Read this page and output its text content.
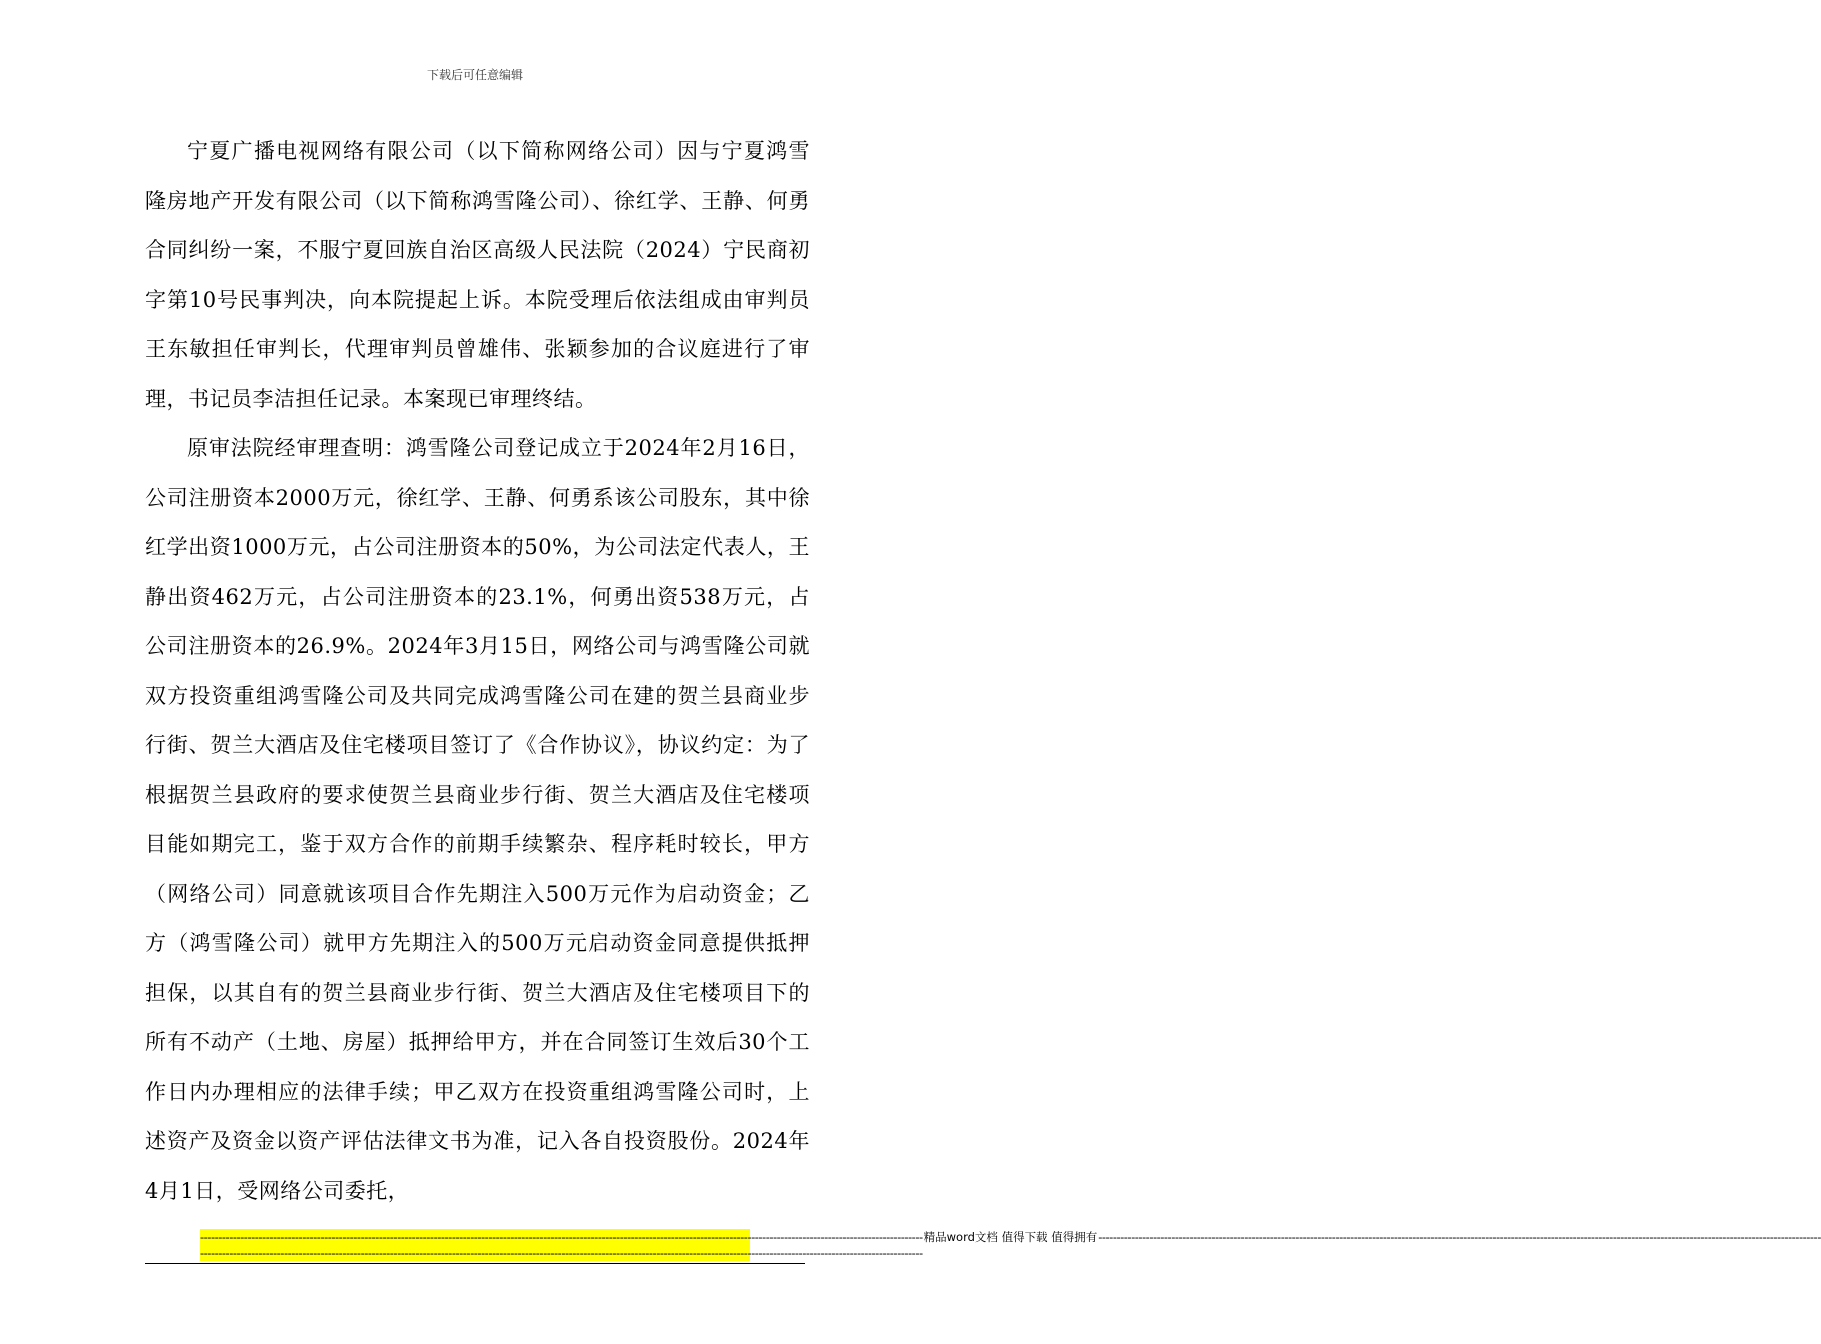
下载后可任意编辑

宁夏广播电视网络有限公司（以下简称网络公司）因与宁夏鸿雪隆房地产开发有限公司（以下简称鸿雪隆公司）、徐红学、王静、何勇合同纠纷一案，不服宁夏回族自治区高级人民法院（2024）宁民商初字第10号民事判决，向本院提起上诉。本院受理后依法组成由审判员王东敏担任审判长，代理审判员曾雄伟、张颖参加的合议庭进行了审理，书记员李洁担任记录。本案现已审理终结。

原审法院经审理查明：鸿雪隆公司登记成立于2024年2月16日，公司注册资本2000万元，徐红学、王静、何勇系该公司股东，其中徐红学出资1000万元，占公司注册资本的50%，为公司法定代表人，王静出资462万元，占公司注册资本的23.1%，何勇出资538万元，占公司注册资本的26.9%。2024年3月15日，网络公司与鸿雪隆公司就双方投资重组鸿雪隆公司及共同完成鸿雪隆公司在建的贺兰县商业步行街、贺兰大酒店及住宅楼项目签订了《合作协议》，协议约定：为了根据贺兰县政府的要求使贺兰县商业步行街、贺兰大酒店及住宅楼项目能如期完工，鉴于双方合作的前期手续繁杂、程序耗时较长，甲方（网络公司）同意就该项目合作先期注入500万元作为启动资金；乙方（鸿雪隆公司）就甲方先期注入的500万元启动资金同意提供抵押担保，以其自有的贺兰县商业步行街、贺兰大酒店及住宅楼项目下的所有不动产（土地、房屋）抵押给甲方，并在合同签订生效后30个工作日内办理相应的法律手续；甲乙双方在投资重组鸿雪隆公司时，上述资产及资金以资产评估法律文书为准，记入各自投资股份。2024年4月1日，受网络公司委托，

------------------------------------------------------------------------------------------------------------------------------------------------------------------------------------------------------ 精品word文档 值得下载 值得拥有 ------------------------------------------------------------------------------------------------------------------------------------------------------------------------------------------------------
------------------------------------------------------------------------------------------------------------------------------------------------------------------------------------------------------
